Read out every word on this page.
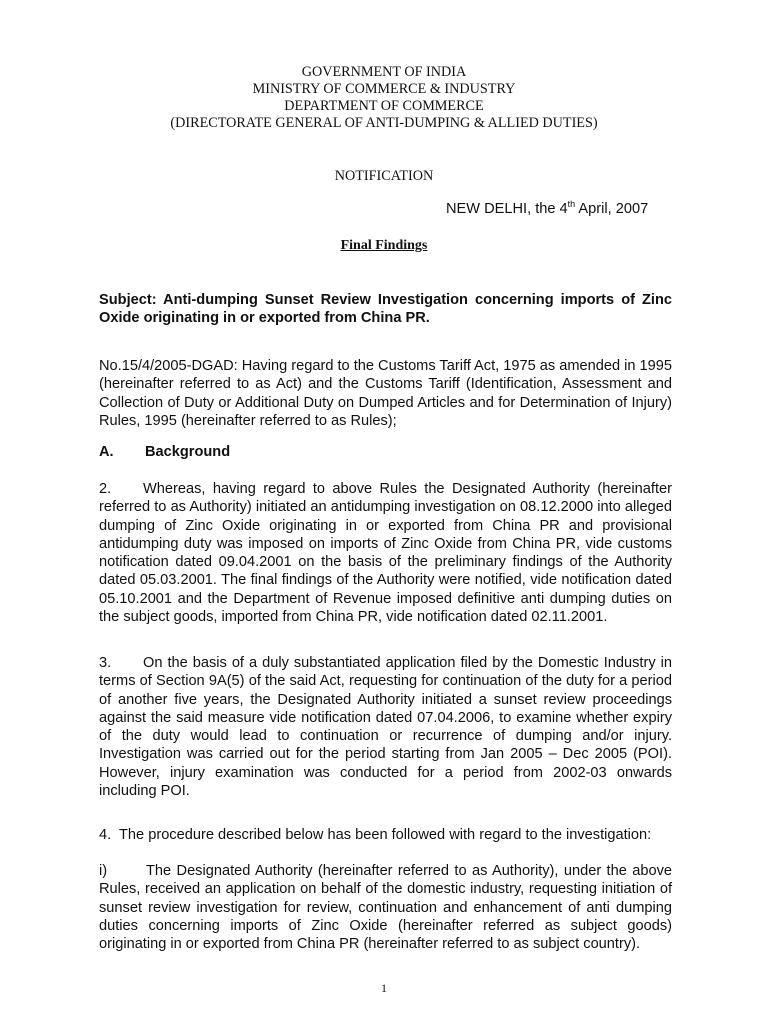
GOVERNMENT OF INDIA
MINISTRY OF COMMERCE & INDUSTRY
DEPARTMENT OF COMMERCE
(DIRECTORATE GENERAL OF ANTI-DUMPING & ALLIED DUTIES)
NOTIFICATION
NEW DELHI, the 4th April, 2007
Final Findings
Subject: Anti-dumping Sunset Review Investigation concerning imports of Zinc Oxide originating in or exported from China PR.
No.15/4/2005-DGAD: Having regard to the Customs Tariff Act, 1975 as amended in 1995 (hereinafter referred to as Act) and the Customs Tariff (Identification, Assessment and Collection of Duty or Additional Duty on Dumped Articles and for Determination of Injury) Rules, 1995 (hereinafter referred to as Rules);
A. Background
2. Whereas, having regard to above Rules the Designated Authority (hereinafter referred to as Authority) initiated an antidumping investigation on 08.12.2000 into alleged dumping of Zinc Oxide originating in or exported from China PR and provisional antidumping duty was imposed on imports of Zinc Oxide from China PR, vide customs notification dated 09.04.2001 on the basis of the preliminary findings of the Authority dated 05.03.2001. The final findings of the Authority were notified, vide notification dated 05.10.2001 and the Department of Revenue imposed definitive anti dumping duties on the subject goods, imported from China PR, vide notification dated 02.11.2001.
3. On the basis of a duly substantiated application filed by the Domestic Industry in terms of Section 9A(5) of the said Act, requesting for continuation of the duty for a period of another five years, the Designated Authority initiated a sunset review proceedings against the said measure vide notification dated 07.04.2006, to examine whether expiry of the duty would lead to continuation or recurrence of dumping and/or injury. Investigation was carried out for the period starting from Jan 2005 – Dec 2005 (POI). However, injury examination was conducted for a period from 2002-03 onwards including POI.
4.  The procedure described below has been followed with regard to the investigation:
i)	The Designated Authority (hereinafter referred to as Authority), under the above Rules, received an application on behalf of the domestic industry, requesting initiation of sunset review investigation for review, continuation and enhancement of anti dumping duties concerning imports of Zinc Oxide (hereinafter referred as subject goods) originating in or exported from China PR (hereinafter referred to as subject country).
1
